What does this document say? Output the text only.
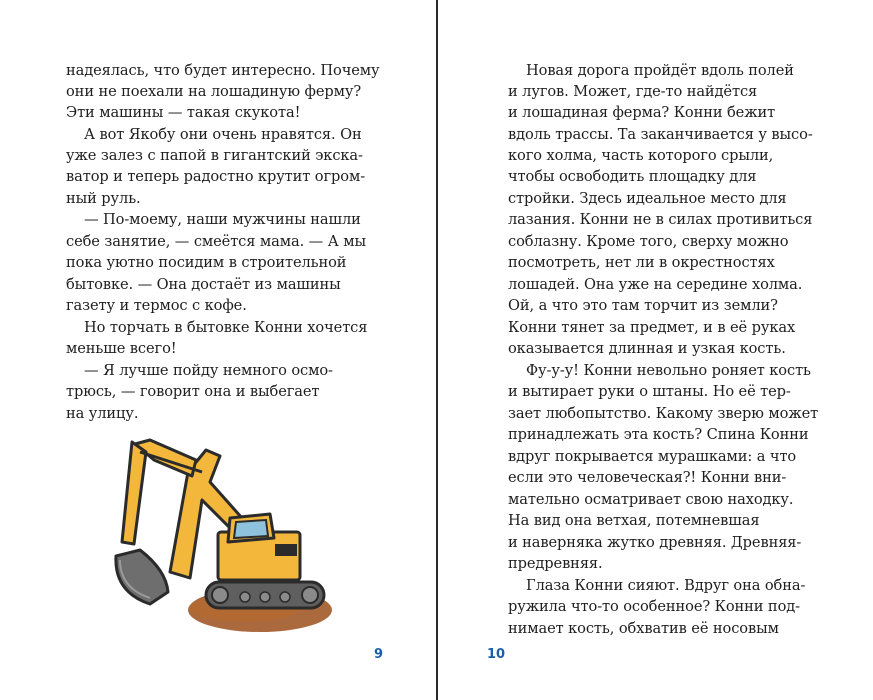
надеялась, что будет интересно. Почему
они не поехали на лошадиную ферму?
Эти машины — такая скукота!
А вот Якобу они очень нравятся. Он
уже залез с папой в гигантский экска-
ватор и теперь радостно крутит огром-
ный руль.
— По-моему, наши мужчины нашли
себе занятие, — смеётся мама. — А мы
пока уютно посидим в строительной
бытовке. — Она достаёт из машины
газету и термос с кофе.
Но торчать в бытовке Конни хочется
меньше всего!
— Я лучше пойду немного осмо-
трюсь, — говорит она и выбегает
на улицу.
9
Новая дорога пройдёт вдоль полей
и лугов. Может, где-то найдётся
и лошадиная ферма? Конни бежит
вдоль трассы. Та заканчивается у высо-
кого холма, часть которого срыли,
чтобы освободить площадку для
стройки. Здесь идеальное место для
лазания. Конни не в силах противиться
соблазну. Кроме того, сверху можно
посмотреть, нет ли в окрестностях
лошадей. Она уже на середине холма.
Ой, а что это там торчит из земли?
Конни тянет за предмет, и в её руках
оказывается длинная и узкая кость.
Фу-у-у! Конни невольно роняет кость
и вытирает руки о штаны. Но её тер-
зает любопытство. Какому зверю может
принадлежать эта кость? Спина Конни
вдруг покрывается мурашками: а что
если это человеческая?! Конни вни-
мательно осматривает свою находку.
На вид она ветхая, потемневшая
и наверняка жутко древняя. Древняя-
предревняя.
Глаза Конни сияют. Вдруг она обна-
ружила что-то особенное? Конни под-
нимает кость, обхватив её носовым
10
